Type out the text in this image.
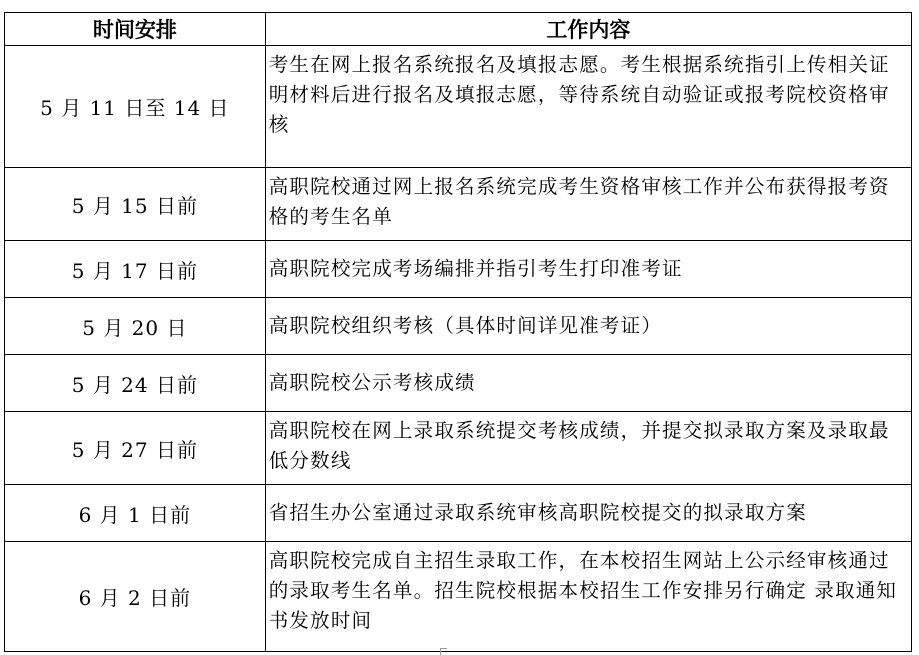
时间安排	工作内容
5 月 11 日至 14 日	考生在网上报名系统报名及填报志愿。考生根据系统指引上传相关证明材料后进行报名及填报志愿，等待系统自动验证或报考院校资格审核
5 月 15 日前	高职院校通过网上报名系统完成考生资格审核工作并公布获得报考资格的考生名单
5 月 17 日前	高职院校完成考场编排并指引考生打印准考证
5 月 20 日	高职院校组织考核（具体时间详见准考证）
5 月 24 日前	高职院校公示考核成绩
5 月 27 日前	高职院校在网上录取系统提交考核成绩，并提交拟录取方案及录取最低分数线
6 月 1 日前	省招生办公室通过录取系统审核高职院校提交的拟录取方案
6 月 2 日前	高职院校完成自主招生录取工作，在本校招生网站上公示经审核通过的录取考生名单。招生院校根据本校招生工作安排另行确定 录取通知书发放时间
